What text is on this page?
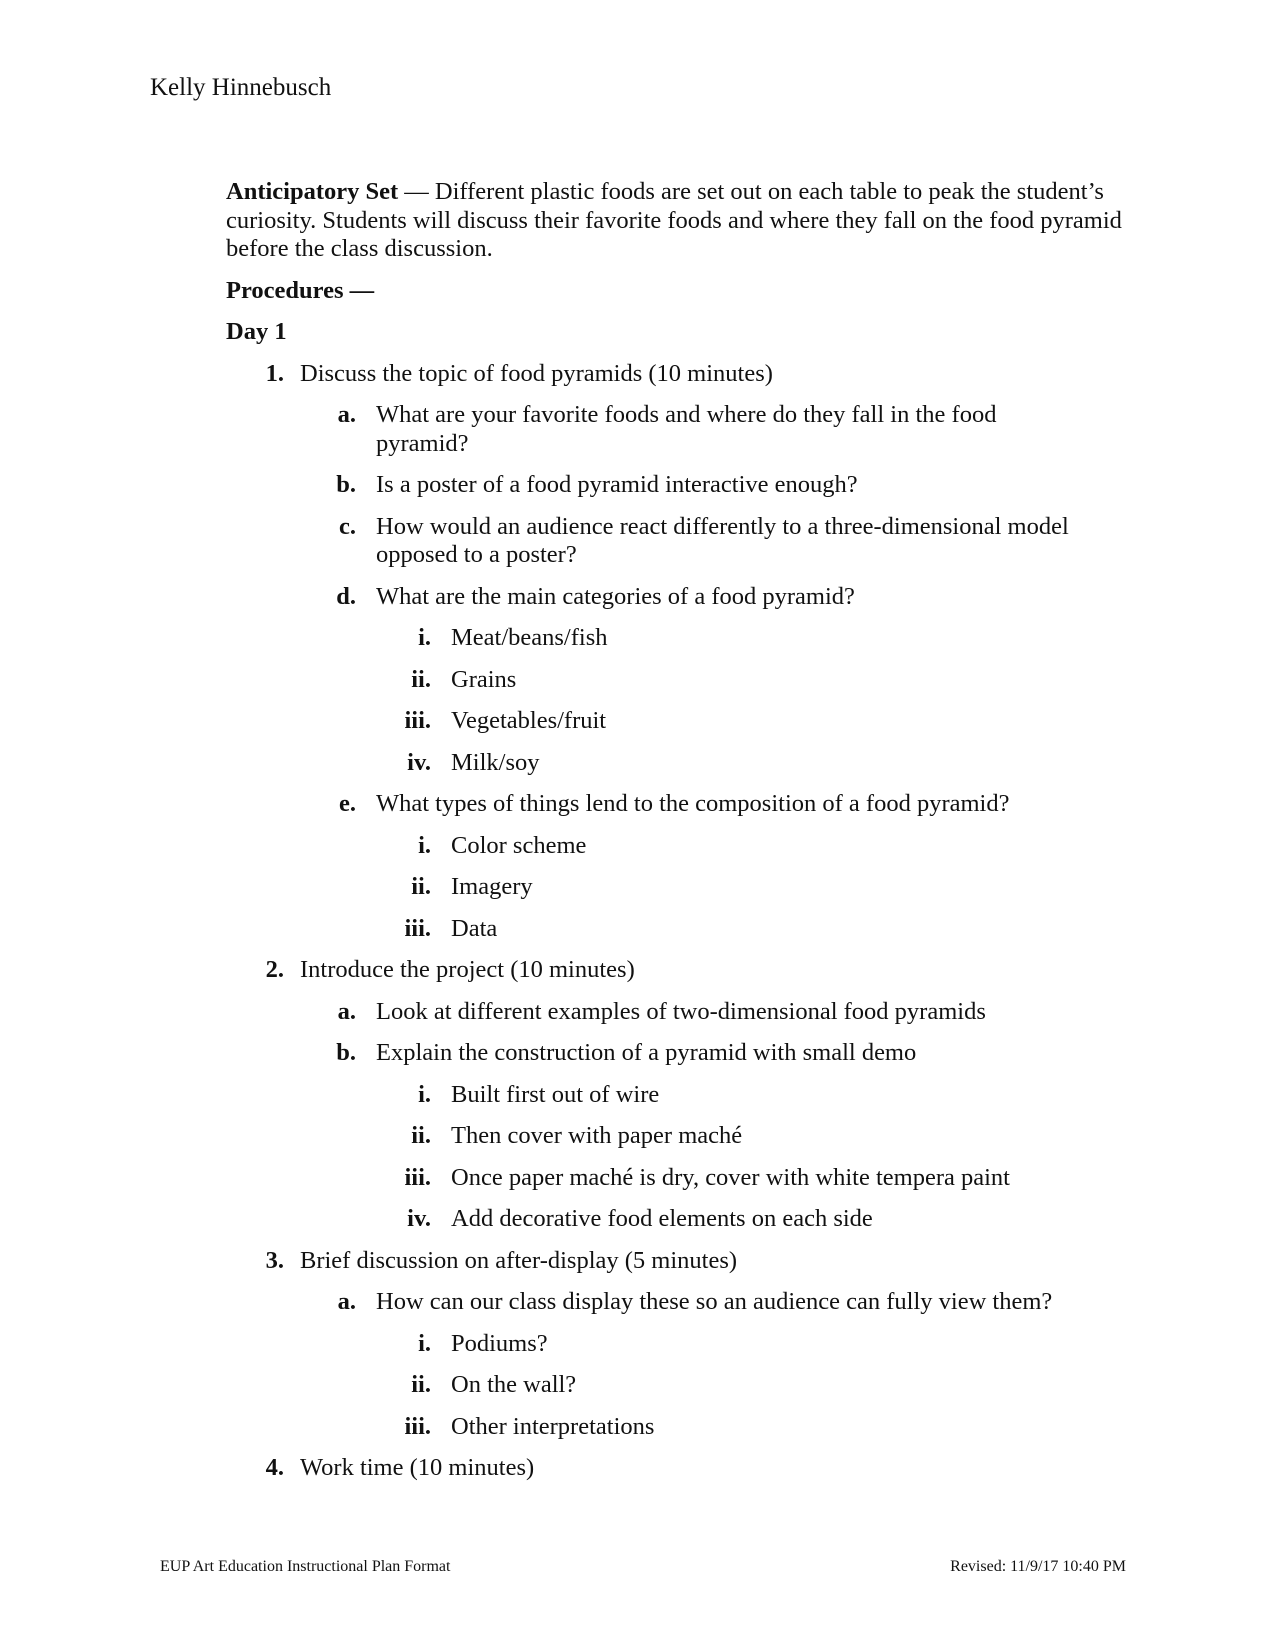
Kelly Hinnebusch

Anticipatory Set — Different plastic foods are set out on each table to peak the student’s curiosity. Students will discuss their favorite foods and where they fall on the food pyramid before the class discussion.

Procedures —

Day 1

1. Discuss the topic of food pyramids (10 minutes)
a. What are your favorite foods and where do they fall in the food pyramid?
b. Is a poster of a food pyramid interactive enough?
c. How would an audience react differently to a three-dimensional model opposed to a poster?
d. What are the main categories of a food pyramid?
i. Meat/beans/fish
ii. Grains
iii. Vegetables/fruit
iv. Milk/soy
e. What types of things lend to the composition of a food pyramid?
i. Color scheme
ii. Imagery
iii. Data
2. Introduce the project (10 minutes)
a. Look at different examples of two-dimensional food pyramids
b. Explain the construction of a pyramid with small demo
i. Built first out of wire
ii. Then cover with paper maché
iii. Once paper maché is dry, cover with white tempera paint
iv. Add decorative food elements on each side
3. Brief discussion on after-display (5 minutes)
a. How can our class display these so an audience can fully view them?
i. Podiums?
ii. On the wall?
iii. Other interpretations
4. Work time (10 minutes)
EUP Art Education Instructional Plan Format	Revised: 11/9/17 10:40 PM
